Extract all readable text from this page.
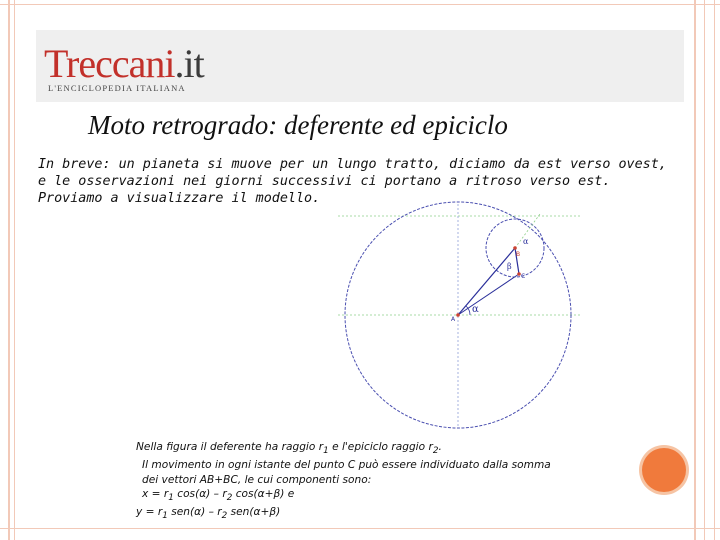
Treccani.it
L'ENCICLOPEDIA ITALIANA
Moto retrogrado: deferente ed epiciclo
In breve: un pianeta si muove per un lungo tratto, diciamo da est verso ovest,
e le osservazioni nei giorni successivi ci portano a ritroso verso est.
Proviamo a visualizzare il modello.
A
B
C
α
α
β
Nella figura il deferente ha raggio $r_1$ e l'epiciclo raggio $r_2$.
Il movimento in ogni istante del punto C può essere individuato dalla somma
dei vettori AB+BC, le cui componenti sono:
$x = r_1$ $\cos(\alpha) - r_2$ cos(α+β) e
$y = r_1$ $sen(\alpha) - r_2$ sen(α+β)
